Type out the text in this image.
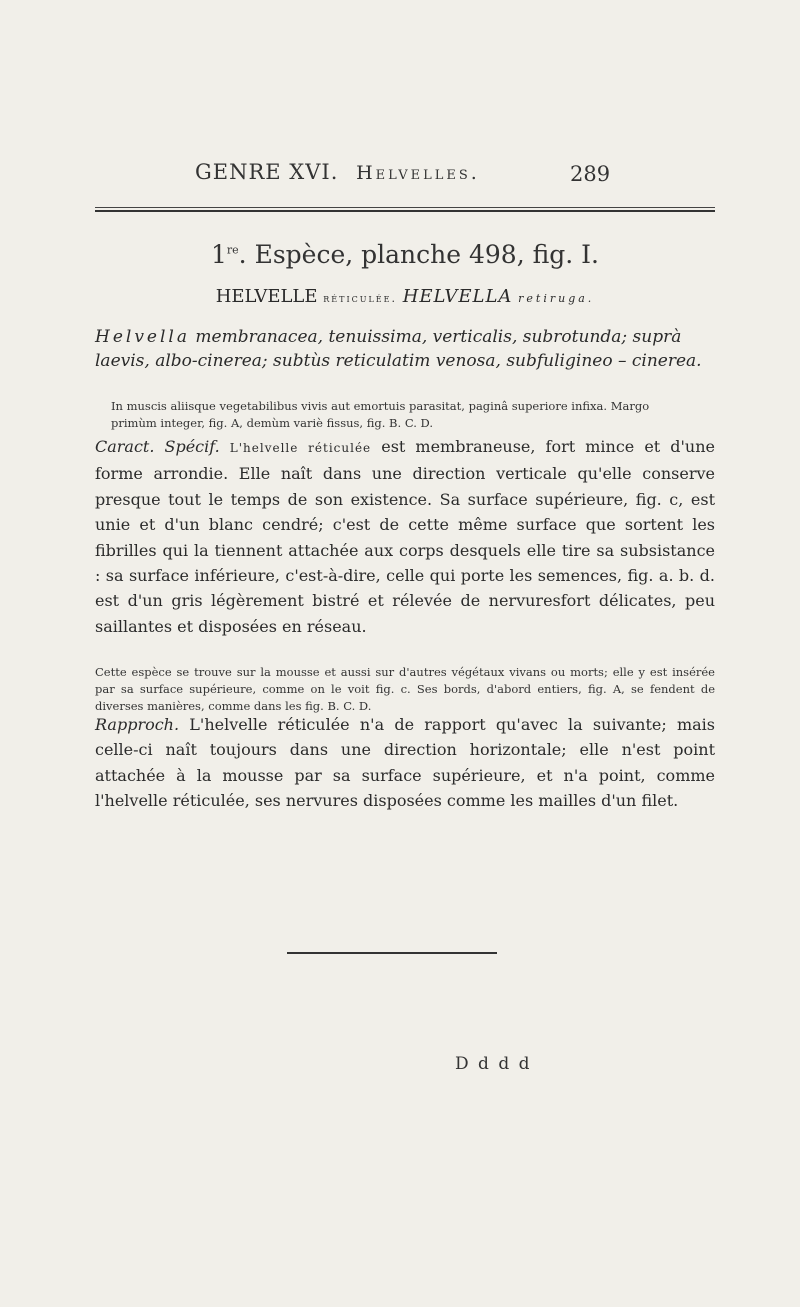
GENRE XVI. Helvelles.	289
1re. Espèce, planche 498, fig. I.
HELVELLE réticulée. HELVELLA retiruga.
Helvella membranacea, tenuissima, verticalis, subrotunda; suprà laevis, albo-cinerea; subtùs reticulatim venosa, subfuligineo – cinerea.
In muscis aliisque vegetabilibus vivis aut emortuis parasitat, paginâ superiore infixa. Margo
primùm integer, fig. A, demùm variè fissus, fig. B. C. D.
Caract. Spécif. L'helvelle réticulée est membraneuse, fort mince et d'une forme arrondie. Elle naît dans une direction verticale qu'elle conserve presque tout le temps de son existence. Sa surface supérieure, fig. c, est unie et d'un blanc cendré; c'est de cette même surface que sortent les fibrilles qui la tiennent attachée aux corps desquels elle tire sa subsistance : sa surface inférieure, c'est-à-dire, celle qui porte les semences, fig. a. b. d. est d'un gris légèrement bistré et rélevée de nervuresfort délicates, peu saillantes et disposées en réseau.
Cette espèce se trouve sur la mousse et aussi sur d'autres végétaux vivans ou morts; elle y est insérée par sa surface supérieure, comme on le voit fig. c. Ses bords, d'abord entiers, fig. A, se fendent de diverses manières, comme dans les fig. B. C. D.
Rapproch. L'helvelle réticulée n'a de rapport qu'avec la suivante; mais celle-ci naît toujours dans une direction horizontale; elle n'est point attachée à la mousse par sa surface supérieure, et n'a point, comme l'helvelle réticulée, ses nervures disposées comme les mailles d'un filet.
D d d d
